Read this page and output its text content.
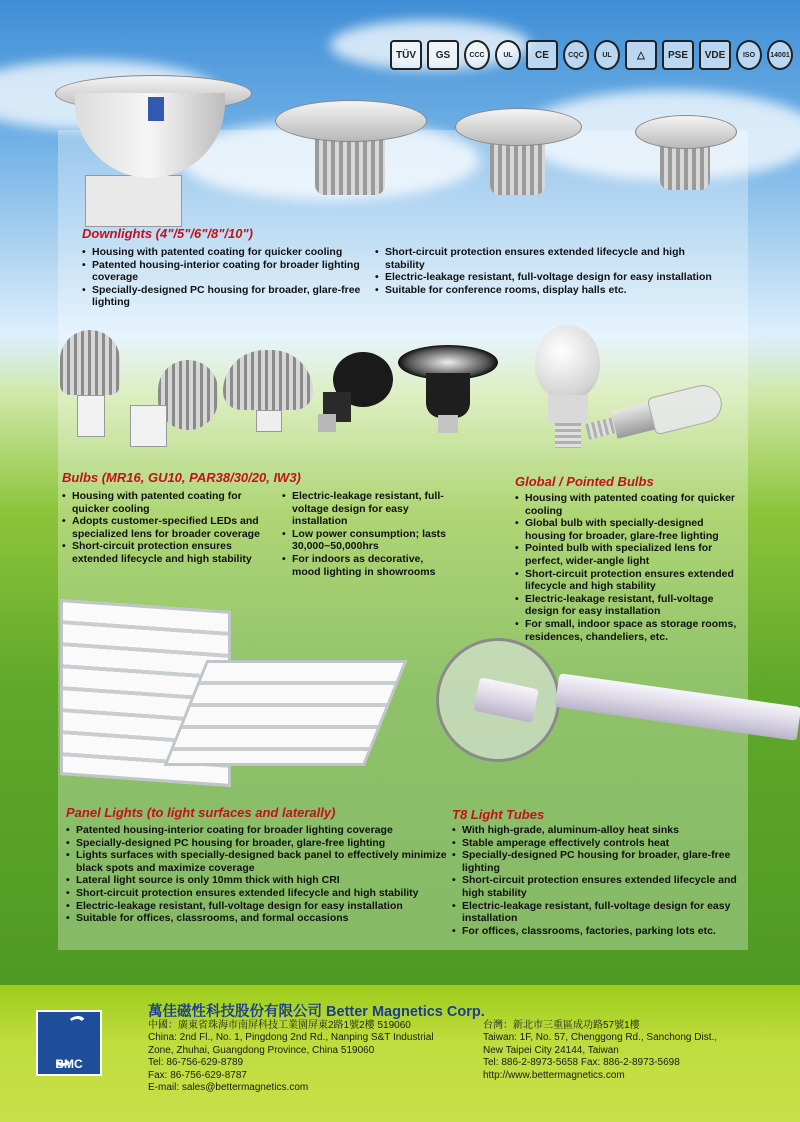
TÜV	GS	CCC	UL	CE	CQC	UL	△	PSE	VDE	ISO	14001
Downlights (4"/5"/6"/8"/10")
• Housing with patented coating for quicker cooling
• Patented housing-interior coating for broader lighting coverage
• Specially-designed PC housing for broader, glare-free lighting
• Short-circuit protection ensures extended lifecycle and high stability
• Electric-leakage resistant, full-voltage design for easy installation
• Suitable for conference rooms, display halls etc.
Bulbs (MR16, GU10, PAR38/30/20, IW3)
• Housing with patented coating for quicker cooling
• Adopts customer-specified LEDs and specialized lens for broader coverage
• Short-circuit protection ensures extended lifecycle and high stability
• Electric-leakage resistant, full-voltage design for easy installation
• Low power consumption; lasts 30,000~50,000hrs
• For indoors as decorative, mood lighting in showrooms
Global / Pointed Bulbs
• Housing with patented coating for quicker cooling
• Global bulb with specially-designed housing for broader, glare-free lighting
• Pointed bulb with specialized lens for perfect, wider-angle light
• Short-circuit protection ensures extended lifecycle and high stability
• Electric-leakage resistant, full-voltage design for easy installation
• For small, indoor space as storage rooms, residences, chandeliers, etc.
Panel Lights (to light surfaces and laterally)
• Patented housing-interior coating for broader lighting coverage
• Specially-designed PC housing for broader, glare-free lighting
• Lights surfaces with specially-designed back panel to effectively minimize black spots and maximize coverage
• Lateral light source is only 10mm thick with high CRI
• Short-circuit protection ensures extended lifecycle and high stability
• Electric-leakage resistant, full-voltage design for easy installation
• Suitable for offices, classrooms, and formal occasions
T8 Light Tubes
• With high-grade, aluminum-alloy heat sinks
• Stable amperage effectively controls heat
• Specially-designed PC housing for broader, glare-free lighting
• Short-circuit protection ensures extended lifecycle and high stability
• Electric-leakage resistant, full-voltage design for easy installation
• For offices, classrooms, factories, parking lots etc.
BMC
萬佳磁性科技股份有限公司 Better Magnetics Corp.
中國：廣東省珠海市南屏科技工業園屏東2路1號2樓 519060
China: 2nd Fl., No. 1, Pingdong 2nd Rd., Nanping S&T Industrial
Zone, Zhuhai, Guangdong Province, China 519060
Tel: 86-756-629-8789
Fax: 86-756-629-8787
E-mail: sales@bettermagnetics.com
台灣：新北市三重區成功路57號1樓
Taiwan: 1F, No. 57, Chenggong Rd., Sanchong Dist.,
New Taipei City 24144, Taiwan
Tel: 886-2-8973-5658 Fax: 886-2-8973-5698
http://www.bettermagnetics.com
